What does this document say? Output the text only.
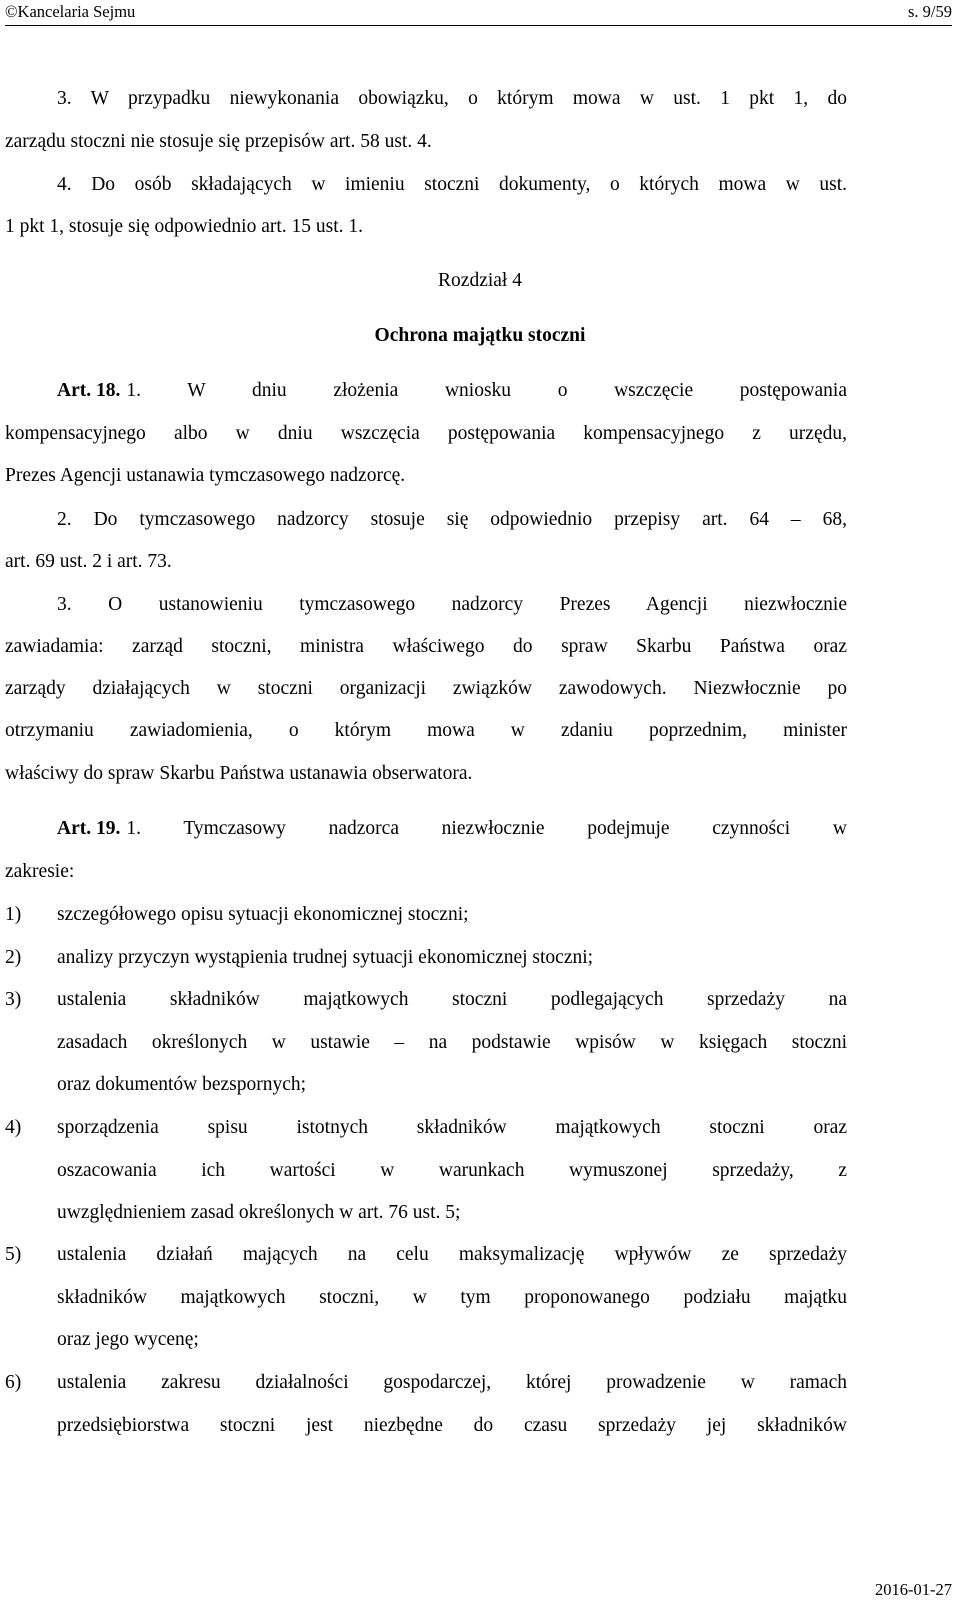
©Kancelaria Sejmu	s. 9/59
3. W przypadku niewykonania obowiązku, o którym mowa w ust. 1 pkt 1, do
zarządu stoczni nie stosuje się przepisów art. 58 ust. 4.
4. Do osób składających w imieniu stoczni dokumenty, o których mowa w ust.
1 pkt 1, stosuje się odpowiednio art. 15 ust. 1.
Rozdział 4
Ochrona majątku stoczni
Art. 18. 1. W dniu złożenia wniosku o wszczęcie postępowania
kompensacyjnego albo w dniu wszczęcia postępowania kompensacyjnego z urzędu,
Prezes Agencji ustanawia tymczasowego nadzorcę.
2. Do tymczasowego nadzorcy stosuje się odpowiednio przepisy art. 64 – 68,
art. 69 ust. 2 i art. 73.
3. O ustanowieniu tymczasowego nadzorcy Prezes Agencji niezwłocznie
zawiadamia: zarząd stoczni, ministra właściwego do spraw Skarbu Państwa oraz
zarządy działających w stoczni organizacji związków zawodowych. Niezwłocznie po
otrzymaniu zawiadomienia, o którym mowa w zdaniu poprzednim, minister
właściwy do spraw Skarbu Państwa ustanawia obserwatora.
Art. 19. 1. Tymczasowy nadzorca niezwłocznie podejmuje czynności w
zakresie:
1) szczegółowego opisu sytuacji ekonomicznej stoczni;
2) analizy przyczyn wystąpienia trudnej sytuacji ekonomicznej stoczni;
3) ustalenia składników majątkowych stoczni podlegających sprzedaży na
zasadach określonych w ustawie – na podstawie wpisów w księgach stoczni
oraz dokumentów bezspornych;
4) sporządzenia spisu istotnych składników majątkowych stoczni oraz
oszacowania ich wartości w warunkach wymuszonej sprzedaży, z
uwzględnieniem zasad określonych w art. 76 ust. 5;
5) ustalenia działań mających na celu maksymalizację wpływów ze sprzedaży
składników majątkowych stoczni, w tym proponowanego podziału majątku
oraz jego wycenę;
6) ustalenia zakresu działalności gospodarczej, której prowadzenie w ramach
przedsiębiorstwa stoczni jest niezbędne do czasu sprzedaży jej składników
2016-01-27
